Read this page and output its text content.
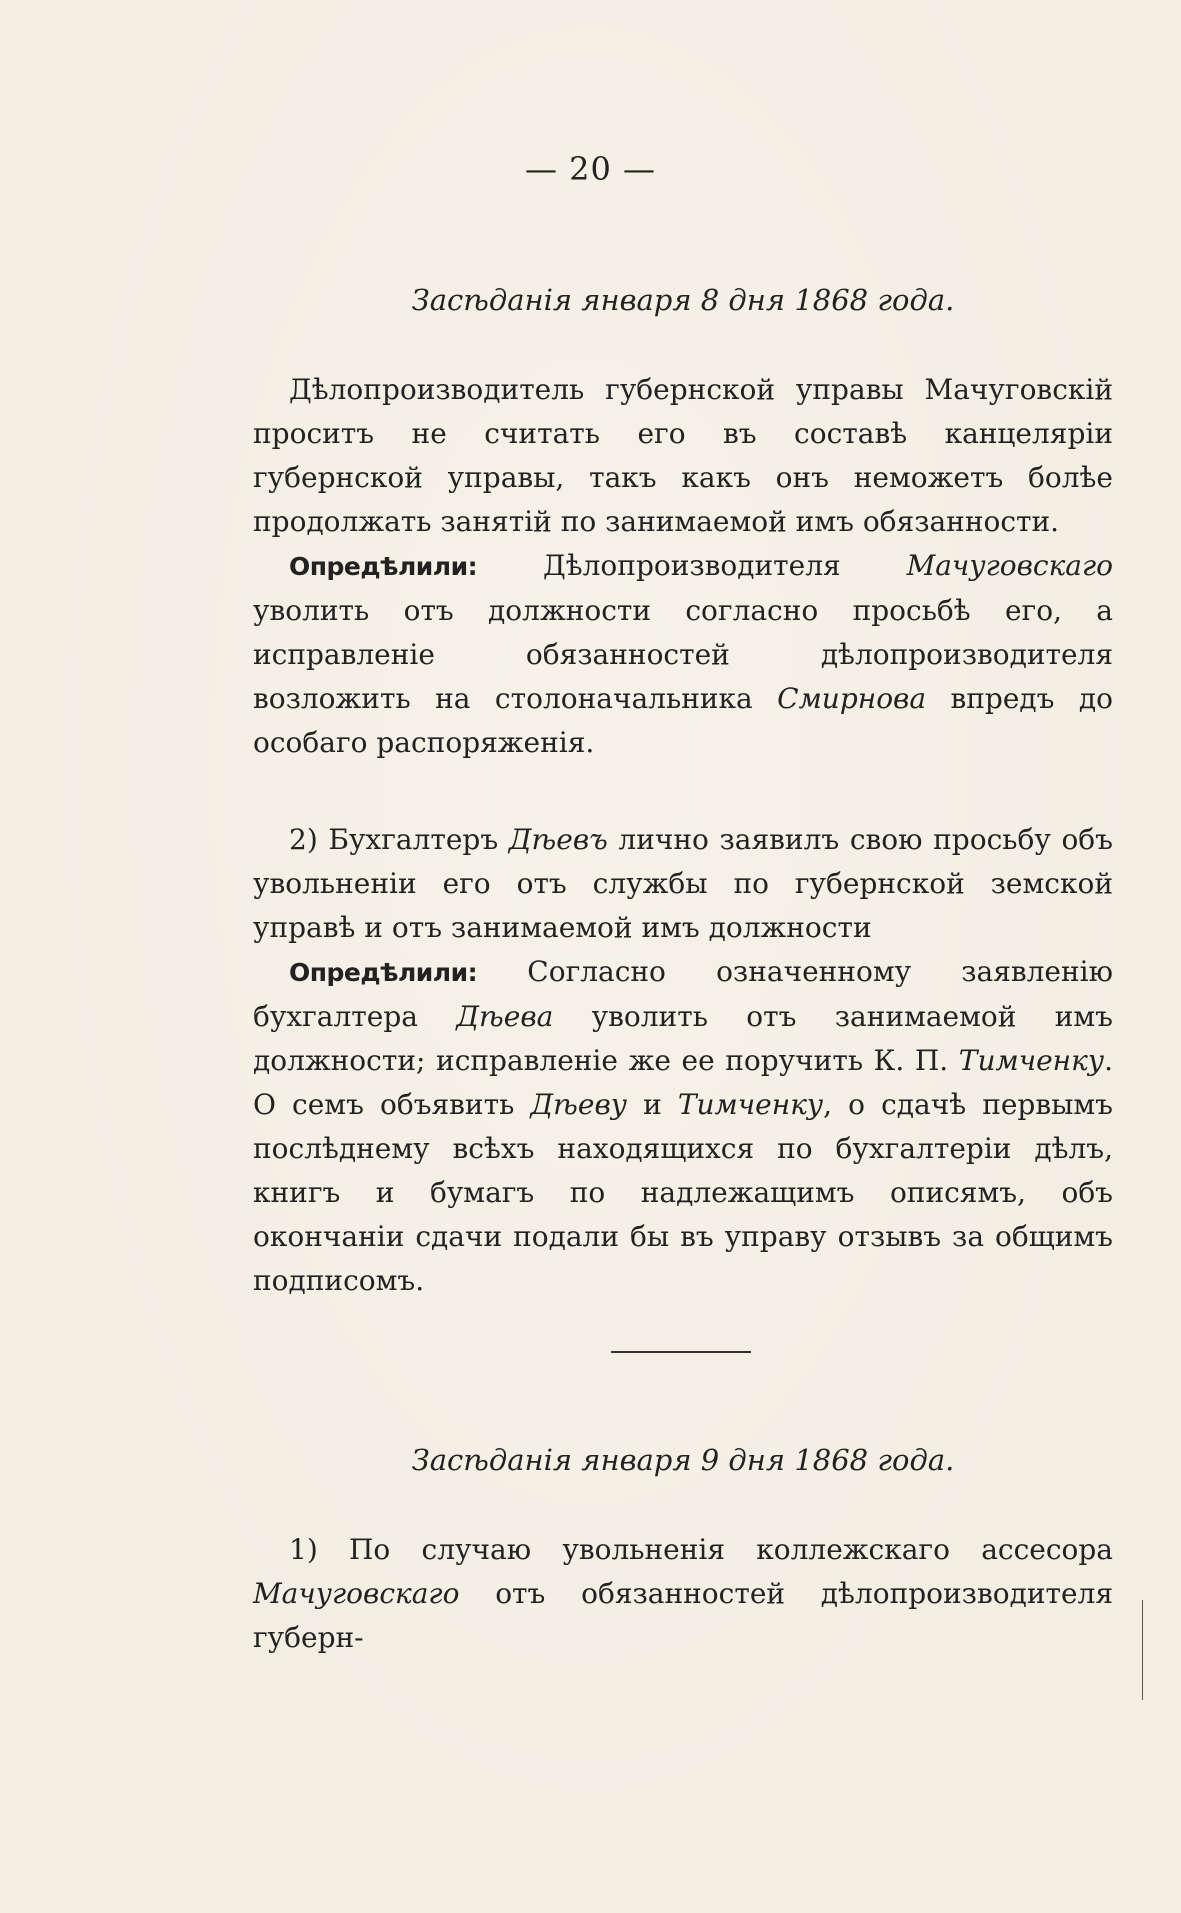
— 20 —

Засѣданія января 8 дня 1868 года.

Дѣлопроизводитель губернской управы Мачуговскій проситъ не считать его въ составѣ канцеляріи губернской управы, такъ какъ онъ неможетъ болѣе продолжать занятій по занимаемой имъ обязанности.

Опредѣлили: Дѣлопроизводителя Мачуговскаго уволить отъ должности согласно просьбѣ его, а исправленіе обязанностей дѣлопроизводителя возложить на столоначальника Смирнова впредъ до особаго распоряженія.

2) Бухгалтеръ Дѣевъ лично заявилъ свою просьбу объ увольненіи его отъ службы по губернской земской управѣ и отъ занимаемой имъ должности

Опредѣлили: Согласно означенному заявленію бухгалтера Дѣева уволить отъ занимаемой имъ должности; исправленіе же ее поручить К. П. Тимченку. О семъ объявить Дѣеву и Тимченку, о сдачѣ первымъ послѣднему всѣхъ находящихся по бухгалтеріи дѣлъ, книгъ и бумагъ по надлежащимъ описямъ, объ окончаніи сдачи подали бы въ управу отзывъ за общимъ подписомъ.

Засѣданія января 9 дня 1868 года.

1) По случаю увольненія коллежскаго ассесора Мачуговскаго отъ обязанностей дѣлопроизводителя губерн-
